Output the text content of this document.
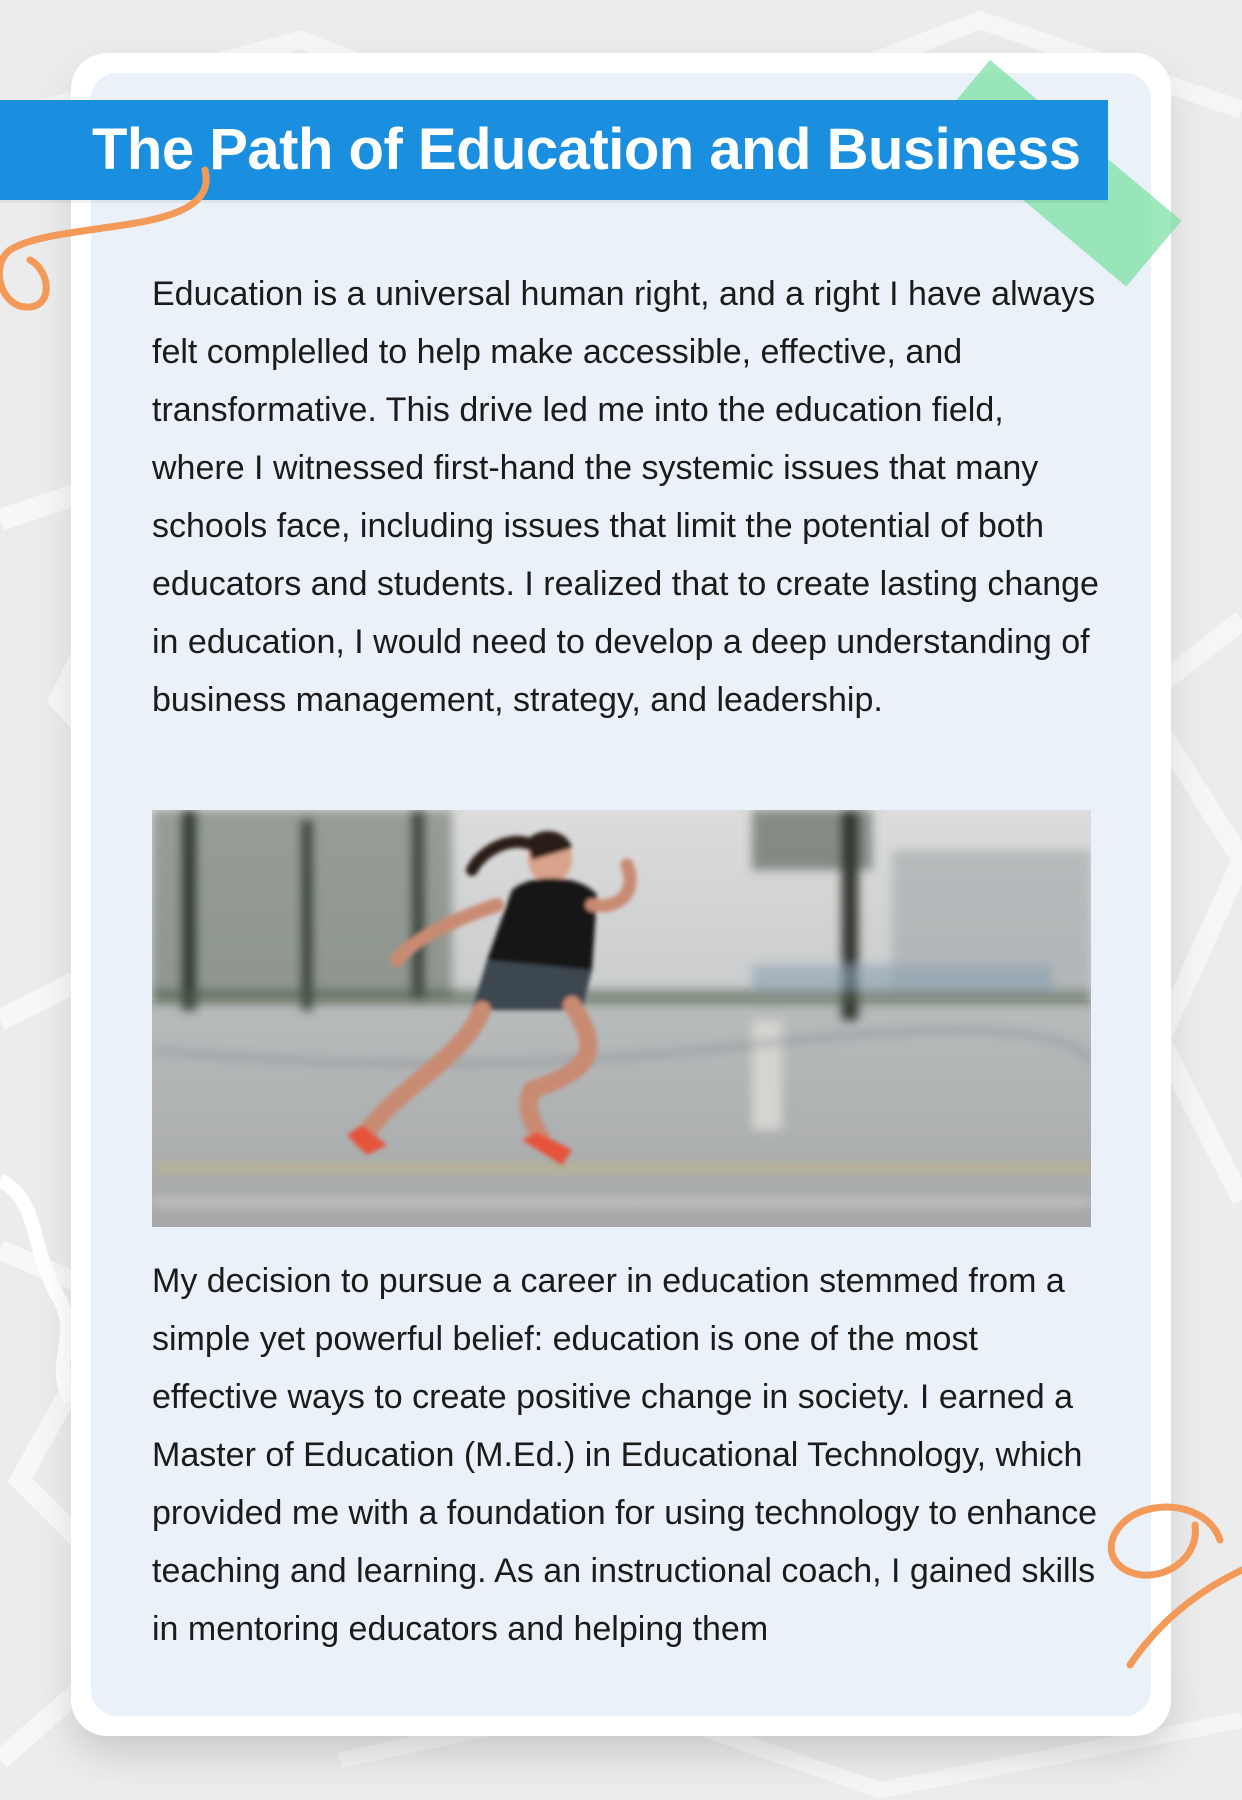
The Path of Education and Business

Education is a universal human right, and a right I have always felt complelled to help make accessible, effective, and transformative. This drive led me into the education field, where I witnessed first-hand the systemic issues that many schools face, including issues that limit the potential of both educators and students. I realized that to create lasting change in education, I would need to develop a deep understanding of business management, strategy, and leadership.

My decision to pursue a career in education stemmed from a simple yet powerful belief: education is one of the most effective ways to create positive change in society. I earned a Master of Education (M.Ed.) in Educational Technology, which provided me with a foundation for using technology to enhance teaching and learning. As an instructional coach, I gained skills in mentoring educators and helping them
